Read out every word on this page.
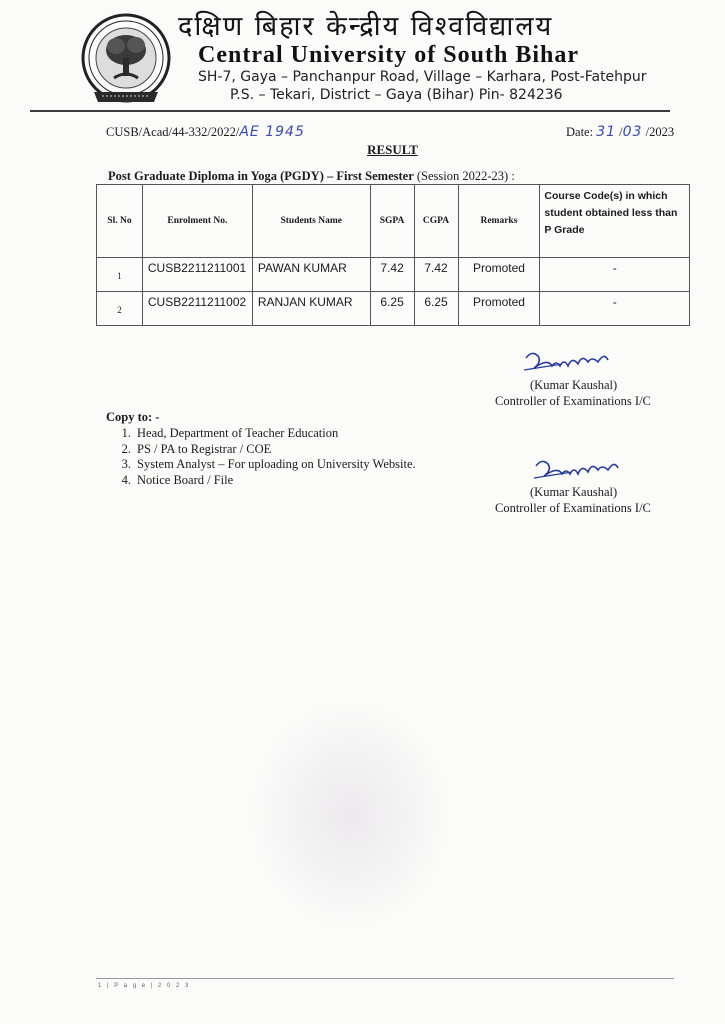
दक्षिण बिहार केन्द्रीय विश्वविद्यालय
Central University of South Bihar
SH-7, Gaya – Panchanpur Road, Village – Karhara, Post-Fatehpur
P.S. – Tekari, District – Gaya (Bihar) Pin- 824236
CUSB/Acad/44-332/2022/AE 1945	Date: 31 /03 /2023
RESULT
Post Graduate Diploma in Yoga (PGDY) – First Semester (Session 2022-23) :
Sl. No	Enrolment No.	Students Name	SGPA	CGPA	Remarks	Course Code(s) in which student obtained less than P Grade
1	CUSB2211211001	PAWAN KUMAR	7.42	7.42	Promoted	-
2	CUSB2211211002	RANJAN KUMAR	6.25	6.25	Promoted	-
(Kumar Kaushal)
Controller of Examinations I/C
Copy to: -
1. Head, Department of Teacher Education
2. PS / PA to Registrar / COE
3. System Analyst – For uploading on University Website.
4. Notice Board / File
(Kumar Kaushal)
Controller of Examinations I/C
1 | P a g e | 2 0 2 3
